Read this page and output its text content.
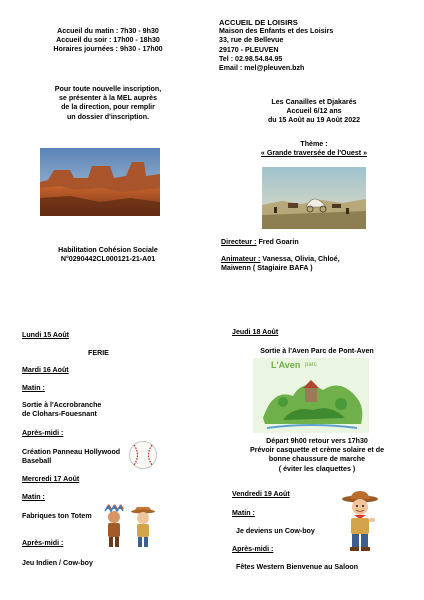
Accueil du matin : 7h30 - 9h30
Accueil du soir : 17h00 - 18h30
Horaires journées : 9h30 - 17h00
Pour toute nouvelle inscription,
se présenter à la MEL auprès
de la direction, pour remplir
un dossier d'inscription.
Habilitation Cohésion Sociale
N°0290442CL000121-21-A01
ACCUEIL DE LOISIRS
Maison des Enfants et des Loisirs
33, rue de Bellevue
29170 - PLEUVEN
Tel : 02.98.54.84.95
Email : mel@pleuven.bzh
Les Canailles et Djakarés
Accueil 6/12 ans
du 15 Août au 19 Août 2022
Thème :
« Grande traversée de l'Ouest »
Directeur : Fred Goarin
Animateur : Vanessa, Olivia, Chloé,
Maiwenn ( Stagiaire BAFA )
Lundi 15 Août
FERIE
Mardi 16 Août
Matin :
Sortie à l'Accrobranche
de Clohars-Fouesnant
Après-midi :
Création Panneau Hollywood
Baseball
Mercredi 17 Août
Matin :
Fabriques ton Totem
Après-midi :
Jeu Indien / Cow-boy
Jeudi 18 Août
Sortie à l'Aven Parc de Pont-Aven
L'Aven parc
Départ 9h00 retour vers 17h30
Prévoir casquette et crème solaire et de
bonne chaussure de marche
( éviter les claquettes )
Vendredi 19 Août
Matin :
Je deviens un Cow-boy
Après-midi :
Fêtes Western Bienvenue au Saloon
